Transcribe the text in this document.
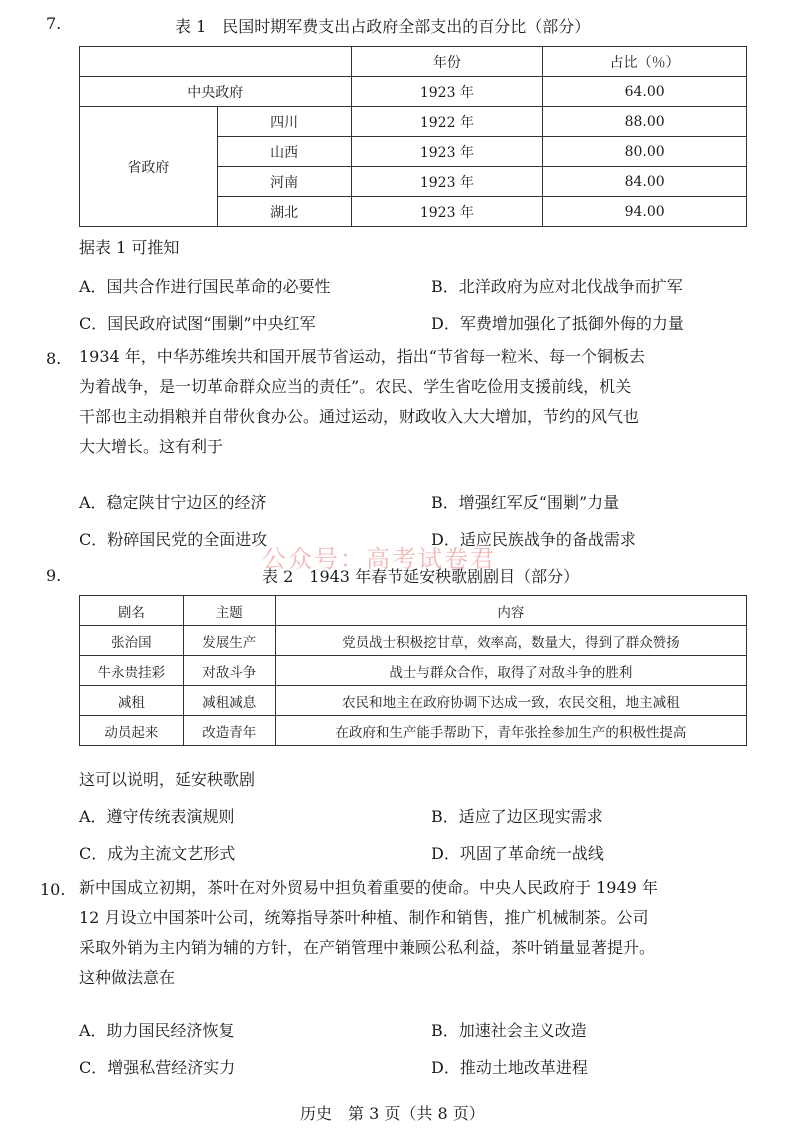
7.	表 1　民国时期军费支出占政府全部支出的百分比（部分）
		年份	占比（％）
中央政府		1923 年	64.00
省政府	四川	1922 年	88.00
	山西	1923 年	80.00
	河南	1923 年	84.00
	湖北	1923 年	94.00
据表 1 可推知
A．国共合作进行国民革命的必要性	B．北洋政府为应对北伐战争而扩军
C．国民政府试图“围剿”中央红军	D．军费增加强化了抵御外侮的力量
8. 1934 年，中华苏维埃共和国开展节省运动，指出“节省每一粒米、每一个铜板去
为着战争，是一切革命群众应当的责任”。农民、学生省吃俭用支援前线，机关
干部也主动捐粮并自带伙食办公。通过运动，财政收入大大增加，节约的风气也
大大增长。这有利于
A．稳定陕甘宁边区的经济	B．增强红军反“围剿”力量
C．粉碎国民党的全面进攻	D．适应民族战争的备战需求
公众号：高考试卷君
9.	表 2　1943 年春节延安秧歌剧剧目（部分）
剧名	主题	内容
张治国	发展生产	党员战士积极挖甘草，效率高，数量大，得到了群众赞扬
牛永贵挂彩	对敌斗争	战士与群众合作，取得了对敌斗争的胜利
减租	减租减息	农民和地主在政府协调下达成一致，农民交租，地主减租
动员起来	改造青年	在政府和生产能手帮助下，青年张拴参加生产的积极性提高
这可以说明，延安秧歌剧
A．遵守传统表演规则	B．适应了边区现实需求
C．成为主流文艺形式	D．巩固了革命统一战线
10. 新中国成立初期，茶叶在对外贸易中担负着重要的使命。中央人民政府于 1949 年
12 月设立中国茶叶公司，统筹指导茶叶种植、制作和销售，推广机械制茶。公司
采取外销为主内销为辅的方针，在产销管理中兼顾公私利益，茶叶销量显著提升。
这种做法意在
A．助力国民经济恢复	B．加速社会主义改造
C．增强私营经济实力	D．推动土地改革进程
历史　第 3 页（共 8 页）
